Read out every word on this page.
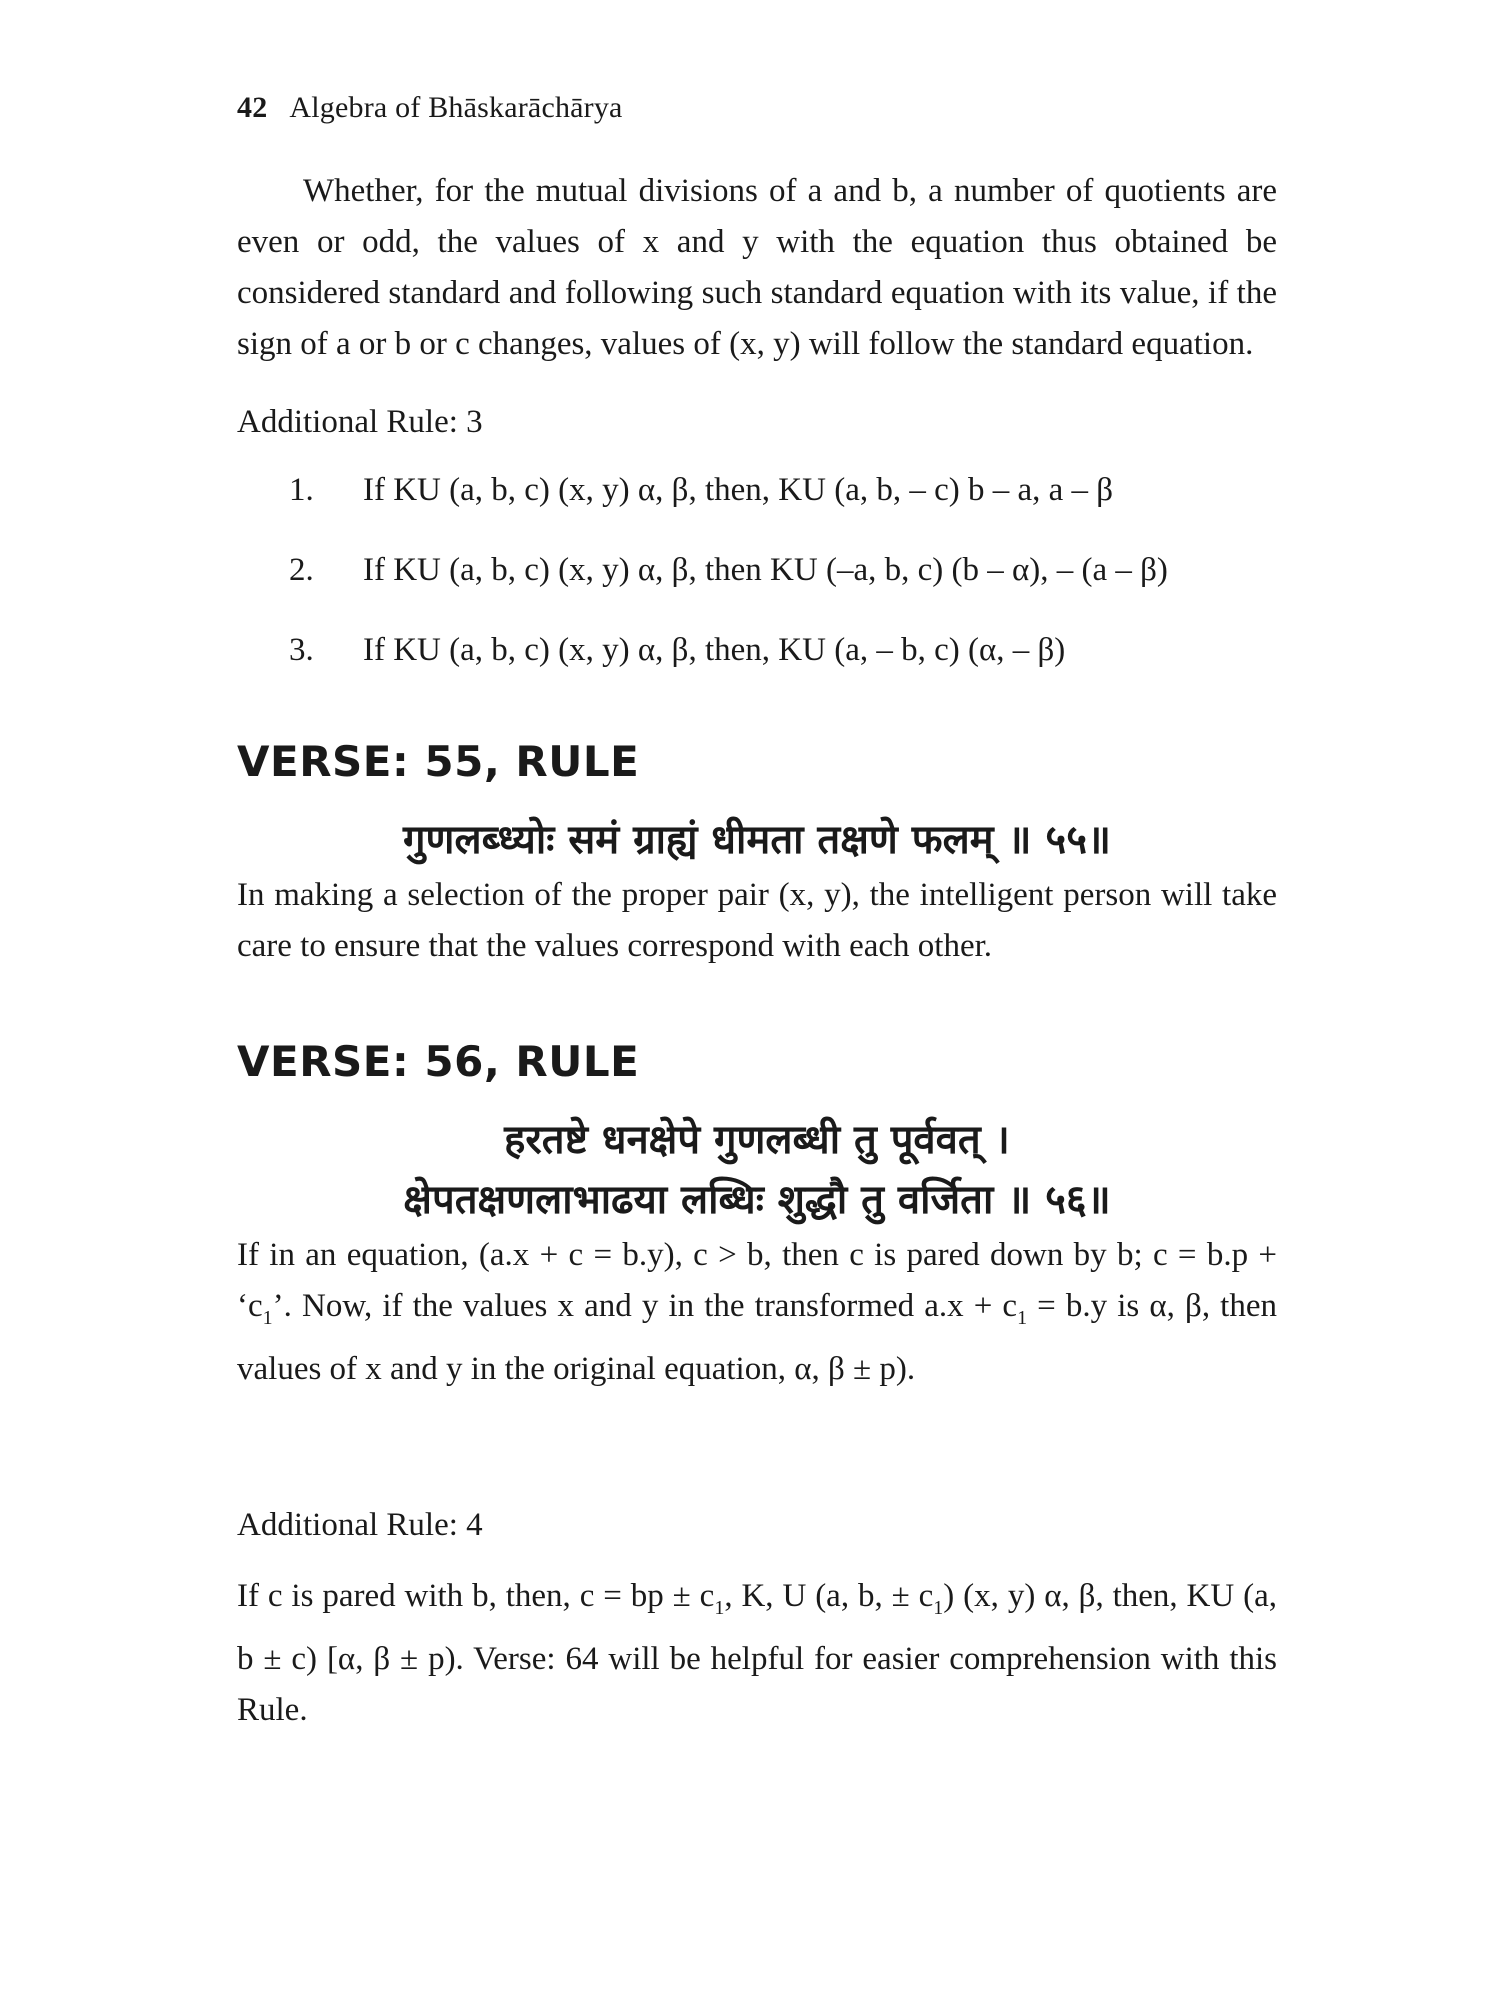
42 Algebra of Bhāskarāchārya

Whether, for the mutual divisions of a and b, a number of quotients are even or odd, the values of x and y with the equation thus obtained be considered standard and following such standard equation with its value, if the sign of a or b or c changes, values of (x, y) will follow the standard equation.

Additional Rule: 3
1.	If KU (a, b, c) (x, y) α, β, then, KU (a, b, – c) b – a, a – β
2.	If KU (a, b, c) (x, y) α, β, then KU (–a, b, c) (b – α), – (a – β)
3.	If KU (a, b, c) (x, y) α, β, then, KU (a, – b, c) (α, – β)
VERSE: 55, RULE

गुणलब्ध्योः समं ग्राह्यं धीमता तक्षणे फलम् ॥ ५५॥

In making a selection of the proper pair (x, y), the intelligent person will take care to ensure that the values correspond with each other.

VERSE: 56, RULE

हरतष्टे धनक्षेपे गुणलब्धी तु पूर्ववत् ।

क्षेपतक्षणलाभाढया लब्धिः शुद्धौ तु वर्जिता ॥ ५६॥

If in an equation, (a.x + c = b.y), c > b, then c is pared down by b; $c = b.p + ‘c_1$’. Now, if the values x and y in the transformed $a.x + c_1 = b.y$ is α, β, then values of x and y in the original equation, α, β ± p).

Additional Rule: 4

If c is pared with b, then, c = bp ± $c_1$, K, U (a, b, ± $c_1$) (x, y) α, β, then, KU (a, b ± c) [α, β ± p). Verse: 64 will be helpful for easier comprehension with this Rule.
